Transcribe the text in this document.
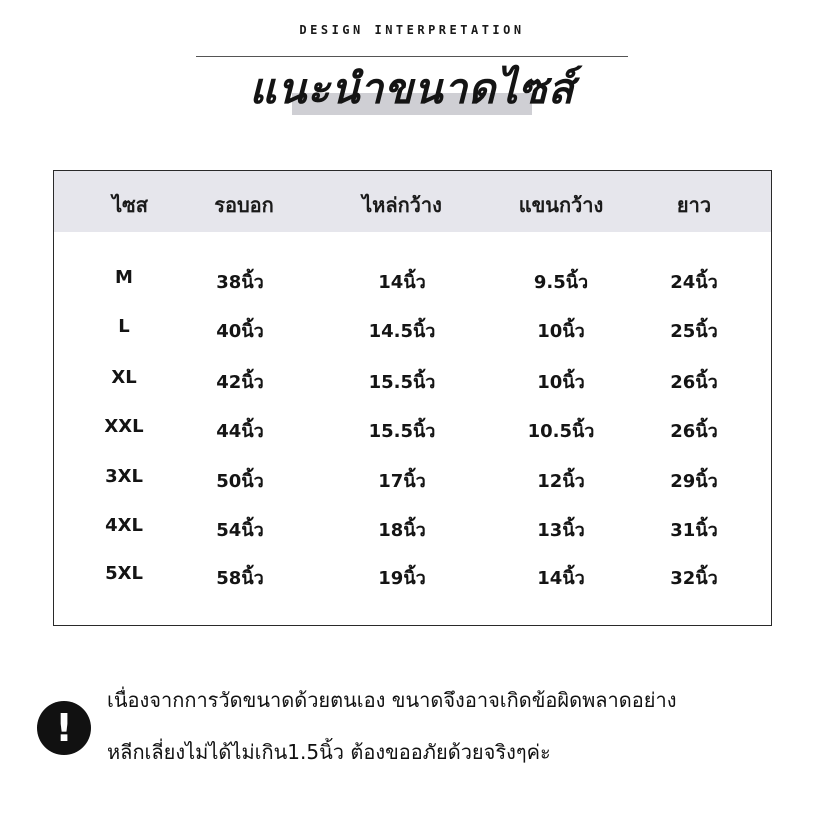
DESIGN INTERPRETATION
แนะนำขนาดไซส์
ไซส	รอบอก	ไหล่กว้าง	แขนกว้าง	ยาว
M	38นิ้ว	14นิ้ว	9.5นิ้ว	24นิ้ว
L	40นิ้ว	14.5นิ้ว	10นิ้ว	25นิ้ว
XL	42นิ้ว	15.5นิ้ว	10นิ้ว	26นิ้ว
XXL	44นิ้ว	15.5นิ้ว	10.5นิ้ว	26นิ้ว
3XL	50นิ้ว	17นิ้ว	12นิ้ว	29นิ้ว
4XL	54นิ้ว	18นิ้ว	13นิ้ว	31นิ้ว
5XL	58นิ้ว	19นิ้ว	14นิ้ว	32นิ้ว
!
เนื่องจากการวัดขนาดด้วยตนเอง ขนาดจึงอาจเกิดข้อผิดพลาดอย่าง
หลีกเลี่ยงไม่ได้ไม่เกิน1.5นิ้ว ต้องขออภัยด้วยจริงๆค่ะ
